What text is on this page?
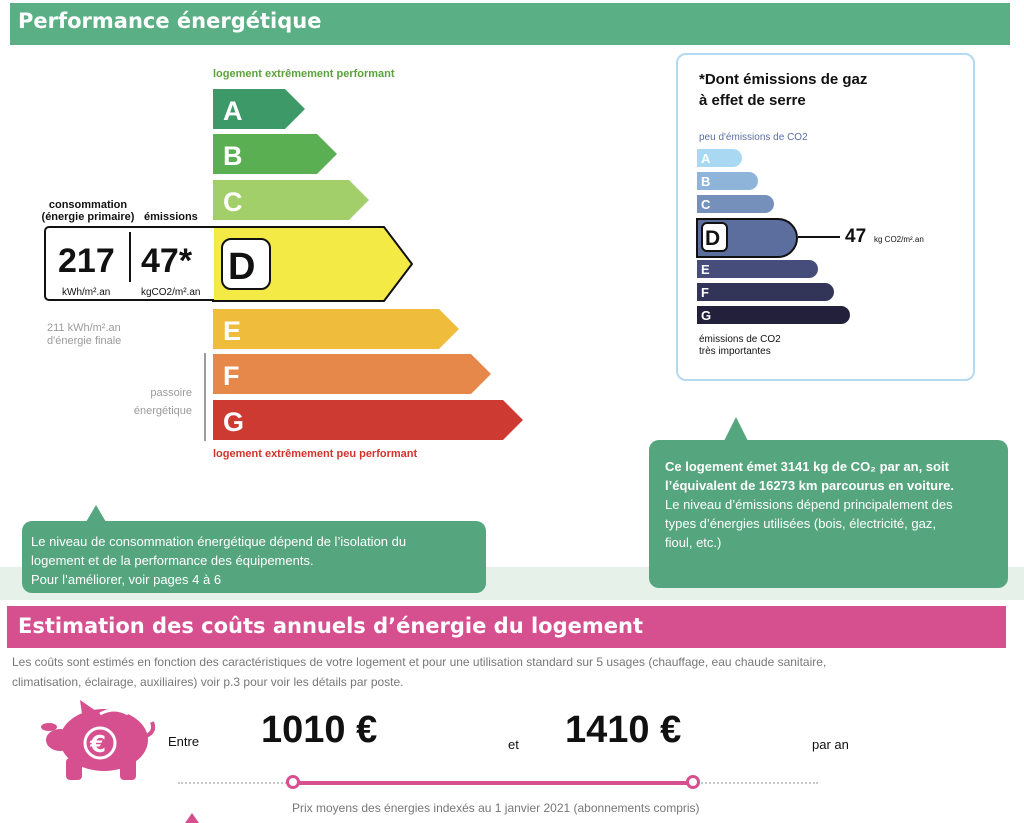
Performance énergétique
logement extrêmement performant
A
B
C
D
E
F
G
logement extrêmement peu performant
consommation
(énergie primaire) émissions
217
kWh/m².an
47*
kgCO2/m².an
211 kWh/m².an
d'énergie finale
passoire
énergétique
*Dont émissions de gaz
à effet de serre
peu d'émissions de CO2
A
B
C
D
E
F
G
47 kg CO2/m².an
émissions de CO2
très importantes
Le niveau de consommation énergétique dépend de l’isolation du
logement et de la performance des équipements.
Pour l’améliorer, voir pages 4 à 6
Ce logement émet 3141 kg de CO₂ par an, soit
l’équivalent de 16273 km parcourus en voiture.
Le niveau d’émissions dépend principalement des
types d’énergies utilisées (bois, électricité, gaz,
fioul, etc.)
Estimation des coûts annuels d’énergie du logement
Les coûts sont estimés en fonction des caractéristiques de votre logement et pour une utilisation standard sur 5 usages (chauffage, eau chaude sanitaire,
climatisation, éclairage, auxiliaires) voir p.3 pour voir les détails par poste.
€	Entre 1010 €	et 1410 €	par an
Prix moyens des énergies indexés au 1 janvier 2021 (abonnements compris)
